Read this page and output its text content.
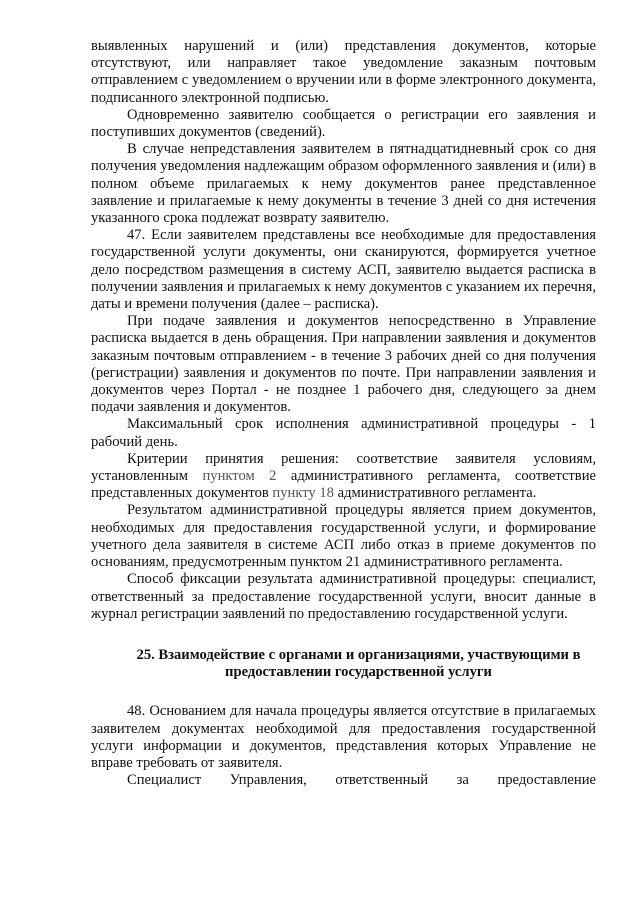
выявленных нарушений и (или) представления документов, которые отсутствуют, или направляет такое уведомление заказным почтовым отправлением с уведомлением о вручении или в форме электронного документа, подписанного электронной подписью.

Одновременно заявителю сообщается о регистрации его заявления и поступивших документов (сведений).

В случае непредставления заявителем в пятнадцатидневный срок со дня получения уведомления надлежащим образом оформленного заявления и (или) в полном объеме прилагаемых к нему документов ранее представленное заявление и прилагаемые к нему документы в течение 3 дней со дня истечения указанного срока подлежат возврату заявителю.

47. Если заявителем представлены все необходимые для предоставления государственной услуги документы, они сканируются, формируется учетное дело посредством размещения в систему АСП, заявителю выдается расписка в получении заявления и прилагаемых к нему документов с указанием их перечня, даты и времени получения (далее – расписка).

При подаче заявления и документов непосредственно в Управление расписка выдается в день обращения. При направлении заявления и документов заказным почтовым отправлением - в течение 3 рабочих дней со дня получения (регистрации) заявления и документов по почте. При направлении заявления и документов через Портал - не позднее 1 рабочего дня, следующего за днем подачи заявления и документов.

Максимальный срок исполнения административной процедуры - 1 рабочий день.

Критерии принятия решения: соответствие заявителя условиям, установленным пунктом 2 административного регламента, соответствие представленных документов пункту 18 административного регламента.

Результатом административной процедуры является прием документов, необходимых для предоставления государственной услуги, и формирование учетного дела заявителя в системе АСП либо отказ в приеме документов по основаниям, предусмотренным пунктом 21 административного регламента.

Способ фиксации результата административной процедуры: специалист, ответственный за предоставление государственной услуги, вносит данные в журнал регистрации заявлений по предоставлению государственной услуги.

25. Взаимодействие с органами и организациями, участвующими в предоставлении государственной услуги

48. Основанием для начала процедуры является отсутствие в прилагаемых заявителем документах необходимой для предоставления государственной услуги информации и документов, представления которых Управление не вправе требовать от заявителя.

Специалист Управления, ответственный за предоставление
